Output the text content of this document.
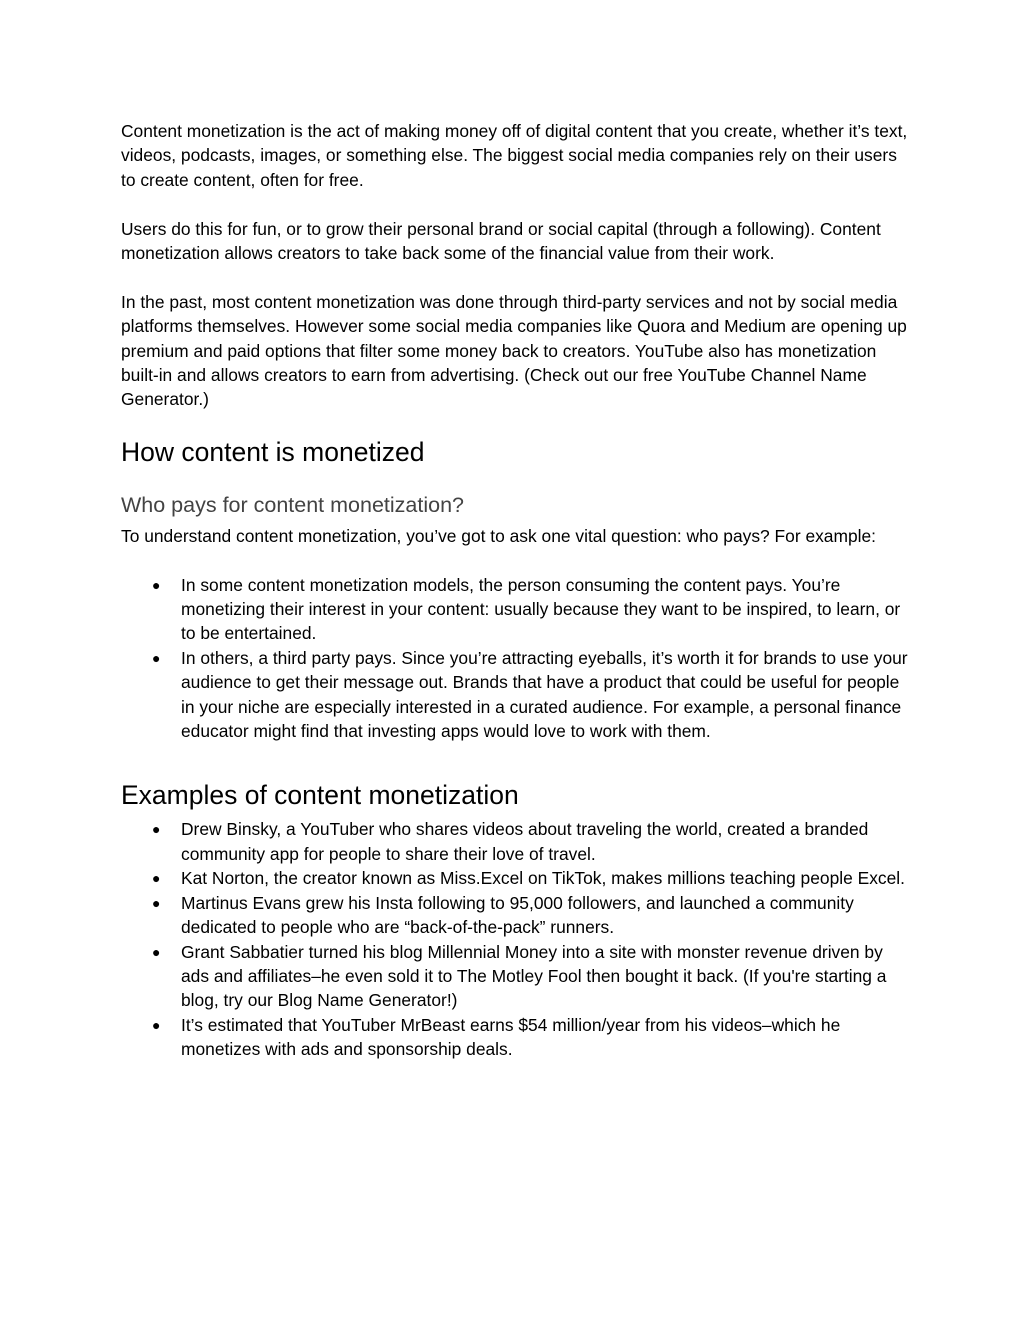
Content monetization is the act of making money off of digital content that you create, whether it’s text, videos, podcasts, images, or something else. The biggest social media companies rely on their users to create content, often for free.

Users do this for fun, or to grow their personal brand or social capital (through a following). Content monetization allows creators to take back some of the financial value from their work.

In the past, most content monetization was done through third-party services and not by social media platforms themselves. However some social media companies like Quora and Medium are opening up premium and paid options that filter some money back to creators. YouTube also has monetization built-in and allows creators to earn from advertising. (Check out our free YouTube Channel Name Generator.)

How content is monetized
Who pays for content monetization?

To understand content monetization, you’ve got to ask one vital question: who pays? For example:

● In some content monetization models, the person consuming the content pays. You’re monetizing their interest in your content: usually because they want to be inspired, to learn, or to be entertained.
● In others, a third party pays. Since you’re attracting eyeballs, it’s worth it for brands to use your audience to get their message out. Brands that have a product that could be useful for people in your niche are especially interested in a curated audience. For example, a personal finance educator might find that investing apps would love to work with them.
Examples of content monetization
● Drew Binsky, a YouTuber who shares videos about traveling the world, created a branded community app for people to share their love of travel.
● Kat Norton, the creator known as Miss.Excel on TikTok, makes millions teaching people Excel.
● Martinus Evans grew his Insta following to 95,000 followers, and launched a community dedicated to people who are “back-of-the-pack” runners.
● Grant Sabbatier turned his blog Millennial Money into a site with monster revenue driven by ads and affiliates–he even sold it to The Motley Fool then bought it back. (If you're starting a blog, try our Blog Name Generator!)
● It’s estimated that YouTuber MrBeast earns $54 million/year from his videos–which he monetizes with ads and sponsorship deals.
